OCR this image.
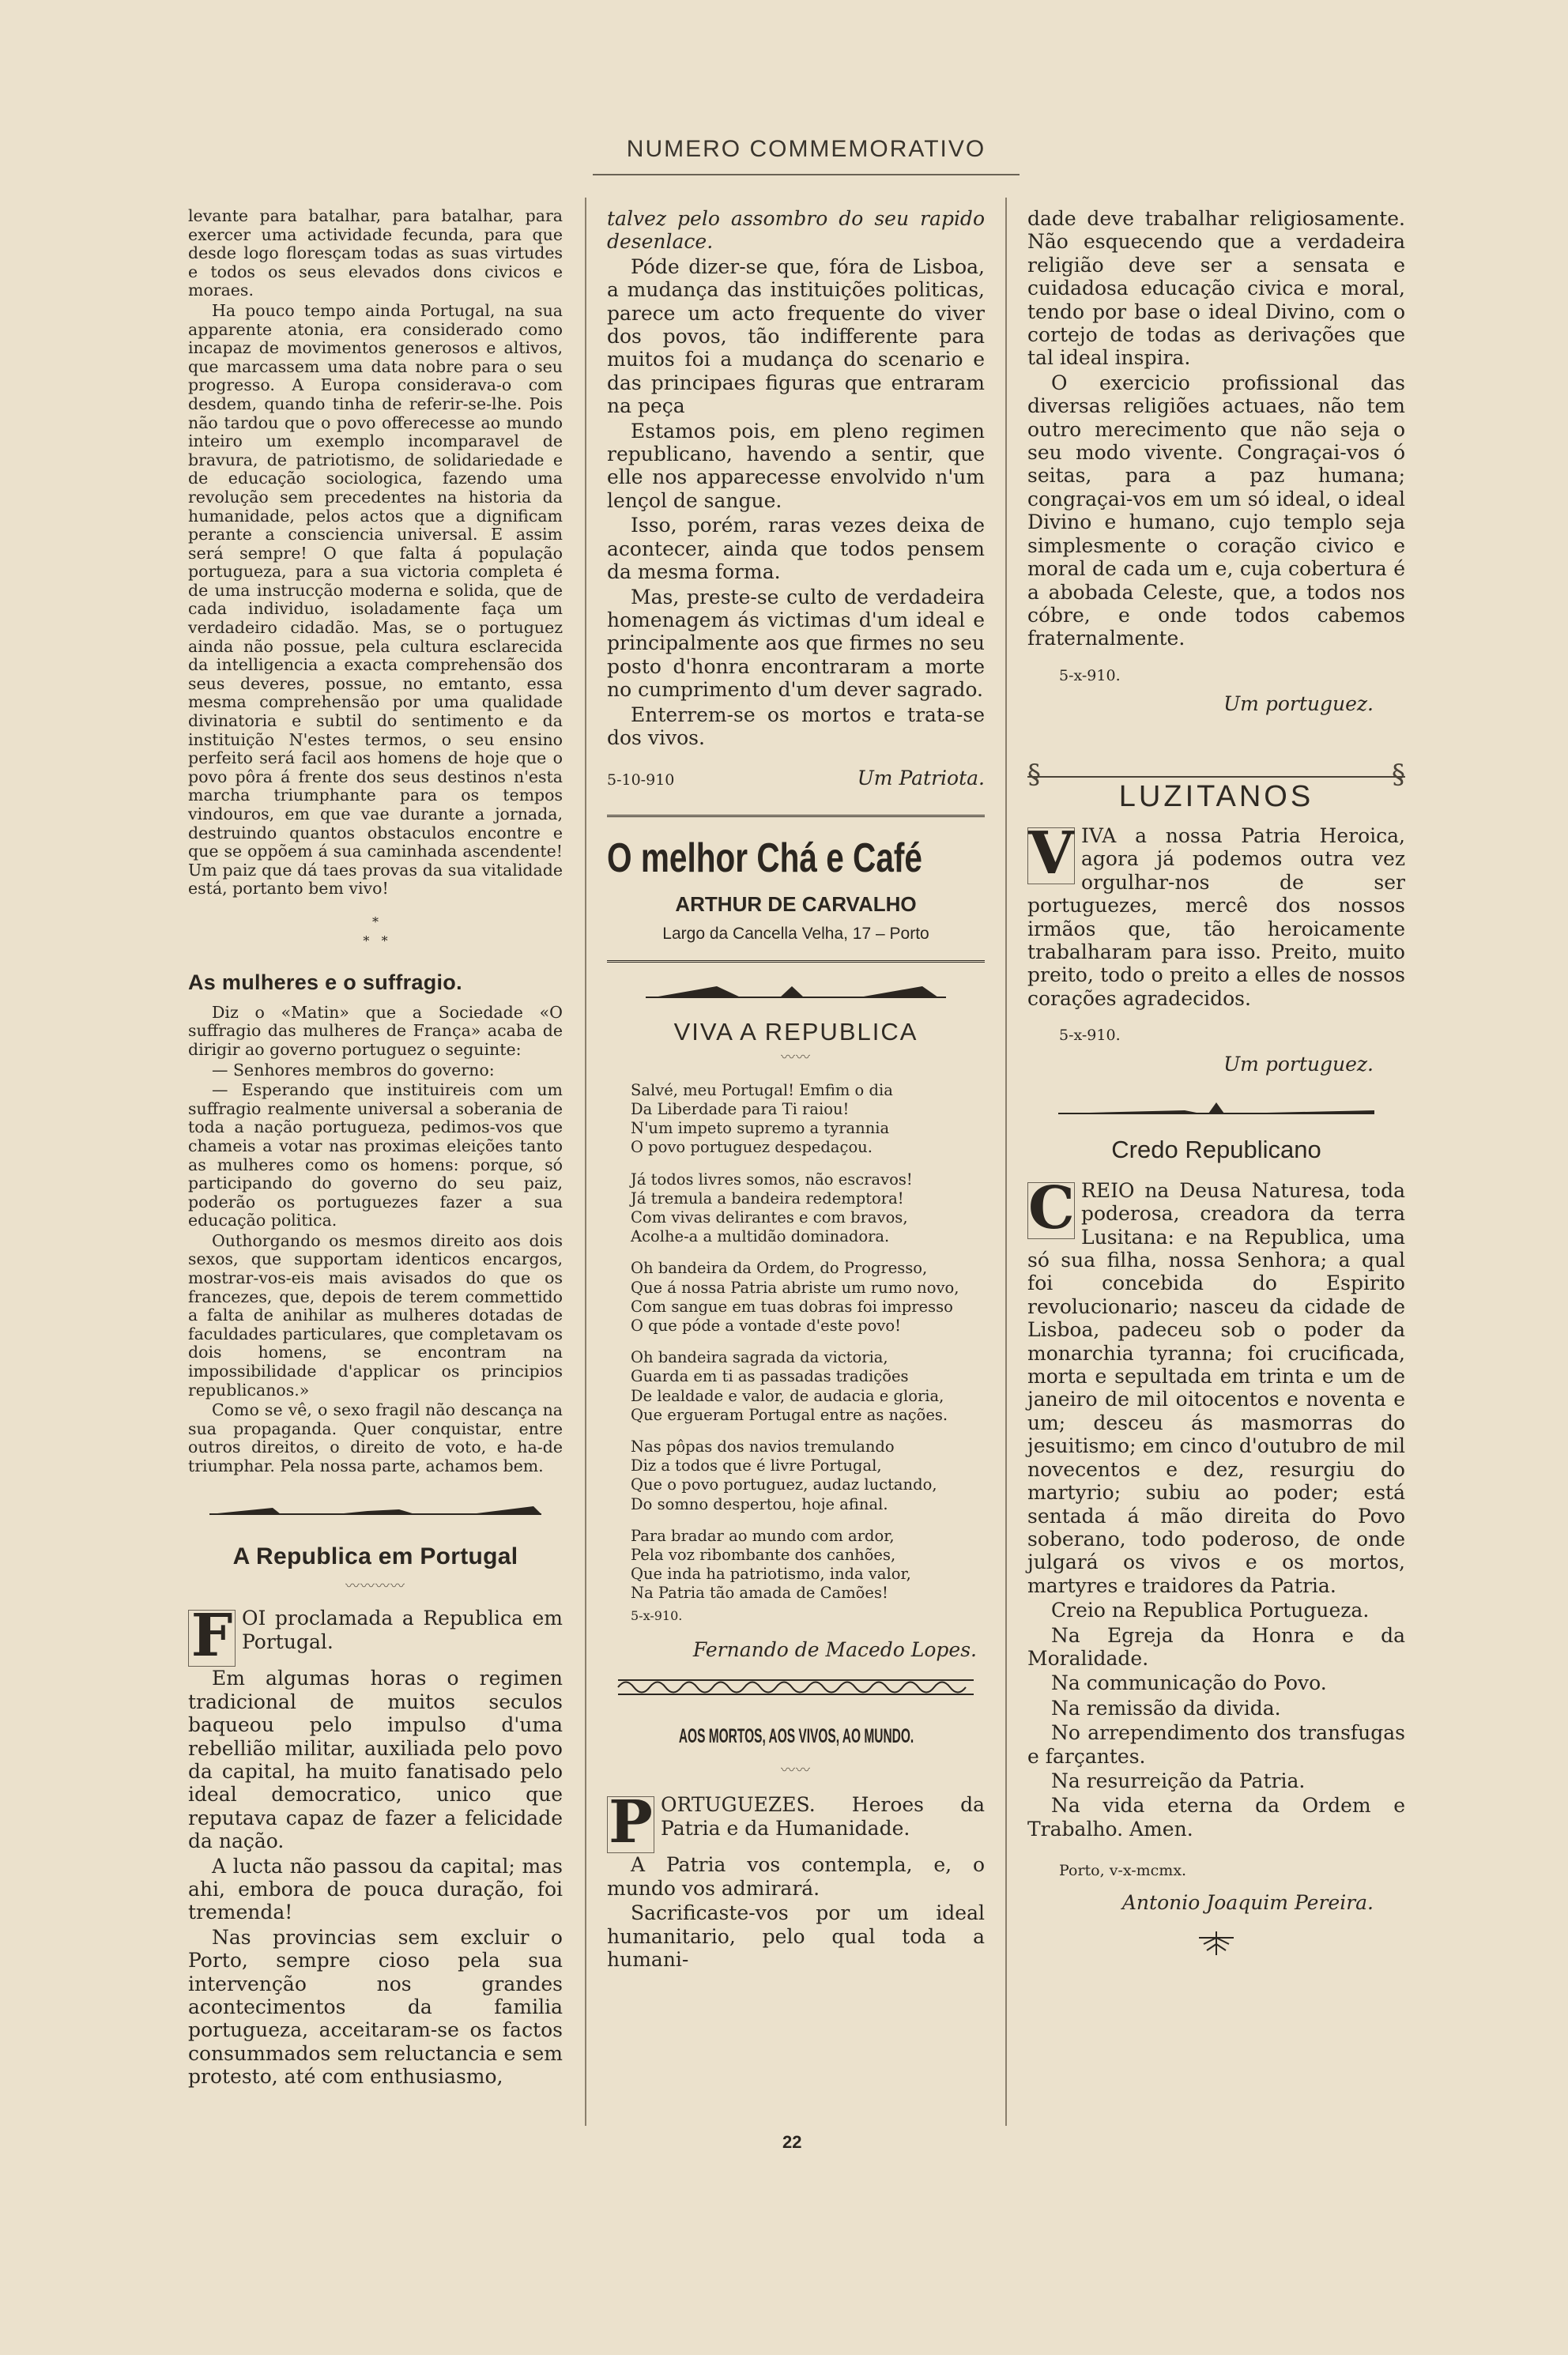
NUMERO COMMEMORATIVO

levante para batalhar, para batalhar, para exercer uma actividade fecunda, para que desde logo floresçam todas as suas virtudes e todos os seus elevados dons civicos e moraes.

Ha pouco tempo ainda Portugal, na sua apparente atonia, era considerado como incapaz de movimentos generosos e altivos, que marcassem uma data nobre para o seu progresso. A Europa considerava-o com desdem, quando tinha de referir-se-lhe. Pois não tardou que o povo offerecesse ao mundo inteiro um exemplo incomparavel de bravura, de patriotismo, de solidariedade e de educação sociologica, fazendo uma revolução sem precedentes na historia da humanidade, pelos actos que a dignificam perante a consciencia universal. E assim será sempre! O que falta á população portugueza, para a sua victoria completa é de uma instrucção moderna e solida, que de cada individuo, isoladamente faça um verdadeiro cidadão. Mas, se o portuguez ainda não possue, pela cultura esclarecida da intelligencia a exacta comprehensão dos seus deveres, possue, no emtanto, essa mesma comprehensão por uma qualidade divinatoria e subtil do sentimento e da instituição N'estes termos, o seu ensino perfeito será facil aos homens de hoje que o povo pôra á frente dos seus destinos n'esta marcha triumphante para os tempos vindouros, em que vae durante a jornada, destruindo quantos obstaculos encontre e que se oppõem á sua caminhada ascendente! Um paiz que dá taes provas da sua vitalidade está, portanto bem vivo!

*
*   *
As mulheres e o suffragio.

Diz o «Matin» que a Sociedade «O suffragio das mulheres de França» acaba de dirigir ao governo portuguez o seguinte:

— Senhores membros do governo:

— Esperando que instituireis com um suffragio realmente universal a soberania de toda a nação portugueza, pedimos-vos que chameis a votar nas proximas eleições tanto as mulheres como os homens: porque, só participando do governo do seu paiz, poderão os portuguezes fazer a sua educação politica.

Outhorgando os mesmos direito aos dois sexos, que supportam identicos encargos, mostrar-vos-eis mais avisados do que os francezes, que, depois de terem commettido a falta de anihilar as mulheres dotadas de faculdades particulares, que completavam os dois homens, se encontram na impossibilidade d'applicar os principios republicanos.»

Como se vê, o sexo fragil não descança na sua propaganda. Quer conquistar, entre outros direitos, o direito de voto, e ha-de triumphar. Pela nossa parte, achamos bem.

A Republica em Portugal
〰〰〰〰
F OI proclamada a Republica em Portugal.

Em algumas horas o regimen tradicional de muitos seculos baqueou pelo impulso d'uma rebellião militar, auxiliada pelo povo da capital, ha muito fanatisado pelo ideal democratico, unico que reputava capaz de fazer a felicidade da nação.

A lucta não passou da capital; mas ahi, embora de pouca duração, foi tremenda!

Nas provincias sem excluir o Porto, sempre cioso pela sua intervenção nos grandes acontecimentos da familia portugueza, acceitaram-se os factos consummados sem reluctancia e sem protesto, até com enthusiasmo,

talvez pelo assombro do seu rapido desenlace.

Póde dizer-se que, fóra de Lisboa, a mudança das instituições politicas, parece um acto frequente do viver dos povos, tão indifferente para muitos foi a mudança do scenario e das principaes figuras que entraram na peça

Estamos pois, em pleno regimen republicano, havendo a sentir, que elle nos apparecesse envolvido n'um lençol de sangue.

Isso, porém, raras vezes deixa de acontecer, ainda que todos pensem da mesma forma.

Mas, preste-se culto de verdadeira homenagem ás victimas d'um ideal e principalmente aos que firmes no seu posto d'honra encontraram a morte no cumprimento d'um dever sagrado.

Enterrem-se os mortos e trata-se dos vivos.

5-10-910	Um Patriota.
O melhor Chá e Café
ARTHUR DE CARVALHO
Largo da Cancella Velha, 17 – Porto
VIVA A REPUBLICA
〰〰
Salvé, meu Portugal! Emfim o dia
Da Liberdade para Ti raiou!
N'um impeto supremo a tyrannia
O povo portuguez despedaçou.
Já todos livres somos, não escravos!
Já tremula a bandeira redemptora!
Com vivas delirantes e com bravos,
Acolhe-a a multidão dominadora.
Oh bandeira da Ordem, do Progresso,
Que á nossa Patria abriste um rumo novo,
Com sangue em tuas dobras foi impresso
O que póde a vontade d'este povo!
Oh bandeira sagrada da victoria,
Guarda em ti as passadas tradições
De lealdade e valor, de audacia e gloria,
Que ergueram Portugal entre as nações.
Nas pôpas dos navios tremulando
Diz a todos que é livre Portugal,
Que o povo portuguez, audaz luctando,
Do somno despertou, hoje afinal.
Para bradar ao mundo com ardor,
Pela voz ribombante dos canhões,
Que inda ha patriotismo, inda valor,
Na Patria tão amada de Camões!
5-x-910.
Fernando de Macedo Lopes.
AOS MORTOS, AOS VIVOS, AO MUNDO.
〰〰
P ORTUGUEZES. Heroes da Patria e da Humanidade.

A Patria vos contempla, e, o mundo vos admirará.

Sacrificaste-vos por um ideal humanitario, pelo qual toda a humani-

dade deve trabalhar religiosamente. Não esquecendo que a verdadeira religião deve ser a sensata e cuidadosa educação civica e moral, tendo por base o ideal Divino, com o cortejo de todas as derivações que tal ideal inspira.

O exercicio profissional das diversas religiões actuaes, não tem outro merecimento que não seja o seu modo vivente. Congraçai-vos ó seitas, para a paz humana; congraçai-vos em um só ideal, o ideal Divino e humano, cujo templo seja simplesmente o coração civico e moral de cada um e, cuja cobertura é a abobada Celeste, que, a todos nos cóbre, e onde todos cabemos fraternalmente.

5-x-910.
Um portuguez.
§	§
LUZITANOS
V IVA a nossa Patria Heroica, agora já podemos outra vez orgulhar-nos de ser portuguezes, mercê dos nossos irmãos que, tão heroicamente trabalharam para isso. Preito, muito preito, todo o preito a elles de nossos corações agradecidos.

5-x-910.
Um portuguez.
Credo Republicano
C REIO na Deusa Naturesa, toda poderosa, creadora da terra Lusitana: e na Republica, uma só sua filha, nossa Senhora; a qual foi concebida do Espirito revolucionario; nasceu da cidade de Lisboa, padeceu sob o poder da monarchia tyranna; foi crucificada, morta e sepultada em trinta e um de janeiro de mil oitocentos e noventa e um; desceu ás masmorras do jesuitismo; em cinco d'outubro de mil novecentos e dez, resurgiu do martyrio; subiu ao poder; está sentada á mão direita do Povo soberano, todo poderoso, de onde julgará os vivos e os mortos, martyres e traidores da Patria.

Creio na Republica Portugueza.

Na Egreja da Honra e da Moralidade.

Na communicação do Povo.

Na remissão da divida.

No arrependimento dos transfugas e farçantes.

Na resurreição da Patria.

Na vida eterna da Ordem e Trabalho. Amen.

Porto, v-x-mcmx.
Antonio Joaquim Pereira.
22
